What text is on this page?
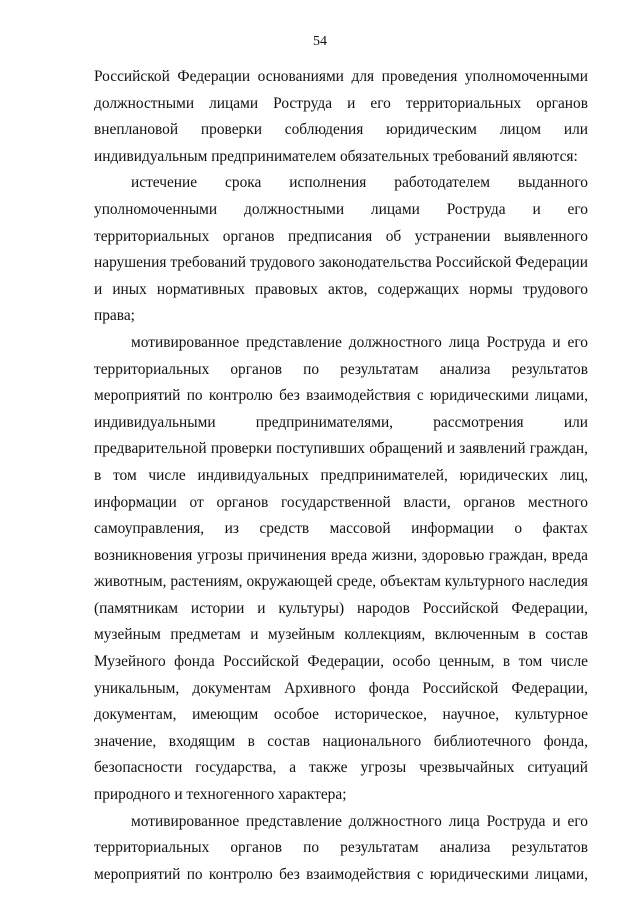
54

Российской Федерации основаниями для проведения уполномоченными должностными лицами Роструда и его территориальных органов внеплановой проверки соблюдения юридическим лицом или индивидуальным предпринимателем обязательных требований являются:

истечение срока исполнения работодателем выданного уполномоченными должностными лицами Роструда и его территориальных органов предписания об устранении выявленного нарушения требований трудового законодательства Российской Федерации и иных нормативных правовых актов, содержащих нормы трудового права;

мотивированное представление должностного лица Роструда и его территориальных органов по результатам анализа результатов мероприятий по контролю без взаимодействия с юридическими лицами, индивидуальными предпринимателями, рассмотрения или предварительной проверки поступивших обращений и заявлений граждан, в том числе индивидуальных предпринимателей, юридических лиц, информации от органов государственной власти, органов местного самоуправления, из средств массовой информации о фактах возникновения угрозы причинения вреда жизни, здоровью граждан, вреда животным, растениям, окружающей среде, объектам культурного наследия (памятникам истории и культуры) народов Российской Федерации, музейным предметам и музейным коллекциям, включенным в состав Музейного фонда Российской Федерации, особо ценным, в том числе уникальным, документам Архивного фонда Российской Федерации, документам, имеющим особое историческое, научное, культурное значение, входящим в состав национального библиотечного фонда, безопасности государства, а также угрозы чрезвычайных ситуаций природного и техногенного характера;

мотивированное представление должностного лица Роструда и его территориальных органов по результатам анализа результатов мероприятий по контролю без взаимодействия с юридическими лицами,
